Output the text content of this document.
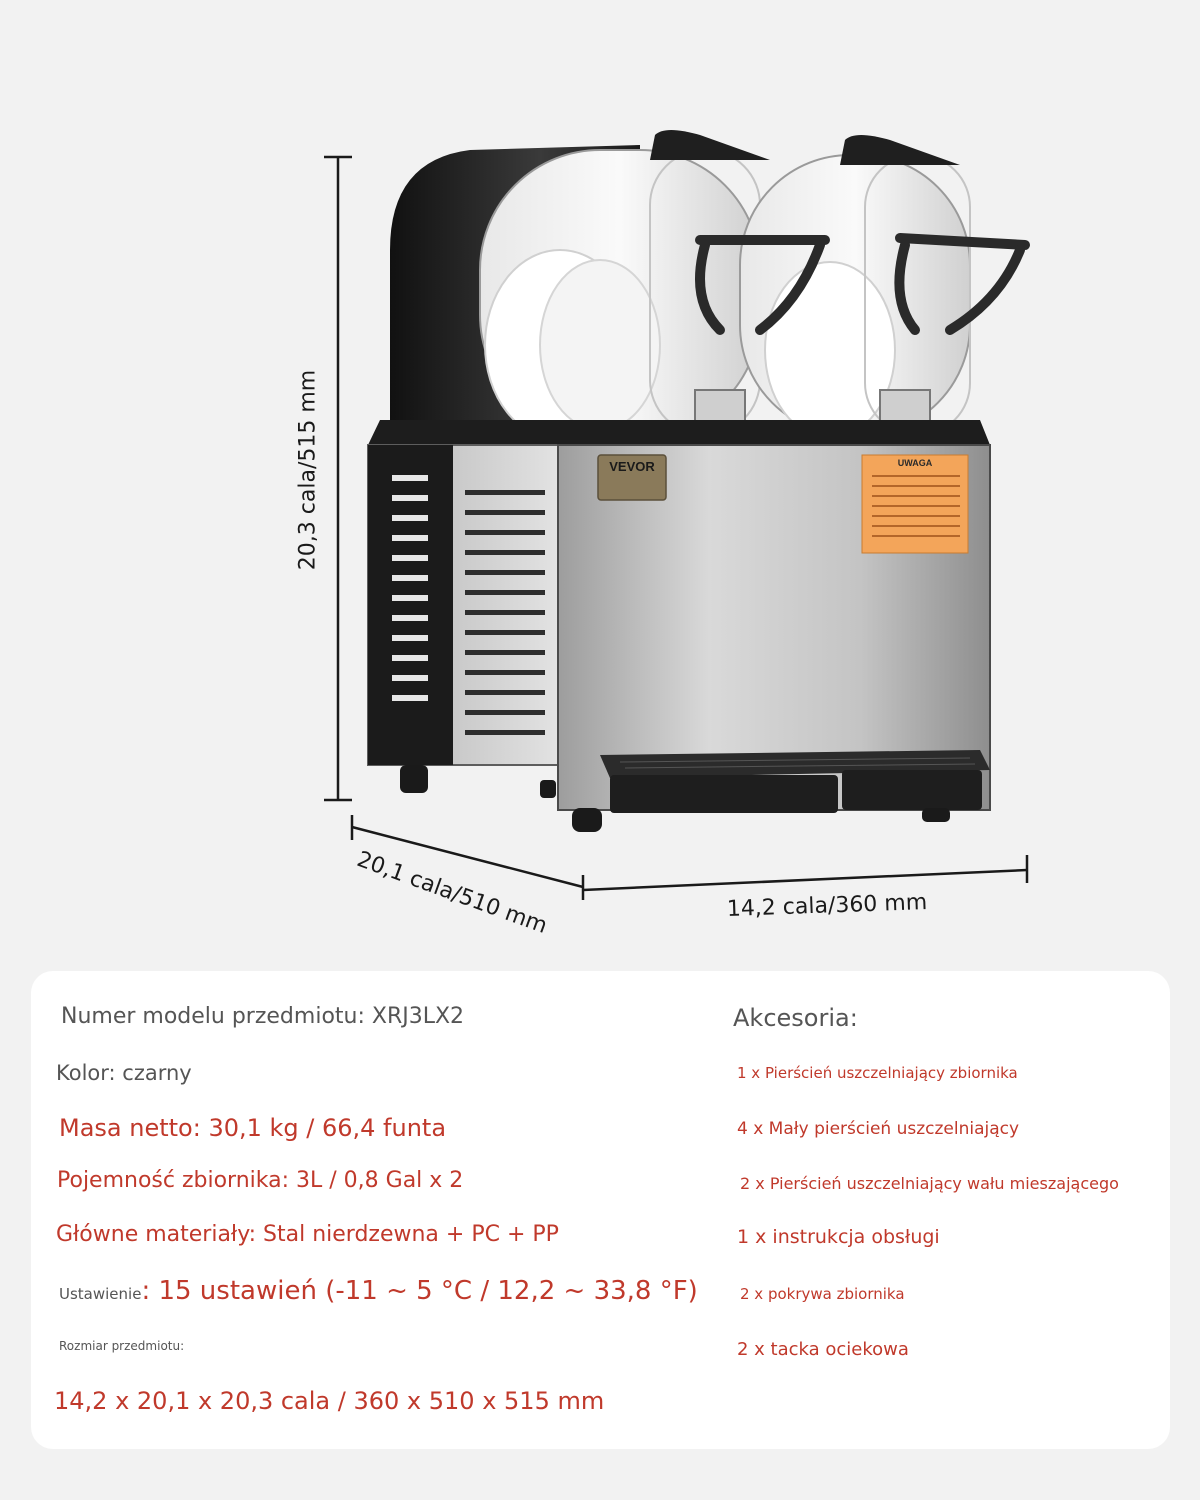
VEVOR	UWAGA
20,3 cala/515 mm
20,1 cala/510 mm	14,2 cala/360 mm
Numer modelu przedmiotu: XRJ3LX2
Kolor: czarny
Masa netto: 30,1 kg / 66,4 funta
Pojemność zbiornika: 3L / 0,8 Gal x 2
Główne materiały: Stal nierdzewna + PC + PP
Ustawienie: 15 ustawień (-11 ~ 5 °C / 12,2 ~ 33,8 °F)
Rozmiar przedmiotu:
14,2 x 20,1 x 20,3 cala / 360 x 510 x 515 mm
Akcesoria:
1 x Pierścień uszczelniający zbiornika
4 x Mały pierścień uszczelniający
2 x Pierścień uszczelniający wału mieszającego
1 x instrukcja obsługi
2 x pokrywa zbiornika
2 x tacka ociekowa
